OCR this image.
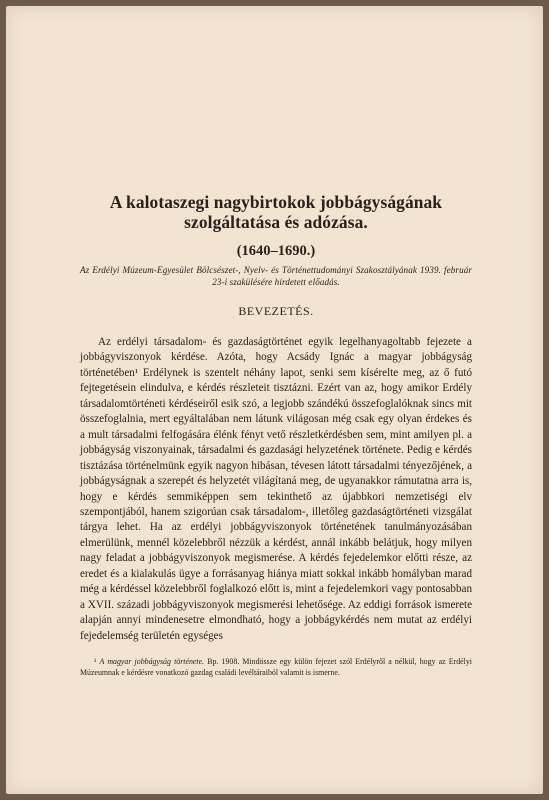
A kalotaszegi nagybirtokok jobbágyságának szolgáltatása és adózása.
(1640–1690.)
Az Erdélyi Múzeum-Egyesület Bölcsészet-, Nyelv- és Történettudományi Szakosztályának 1939. február 23-i szakülésére hirdetett előadás.
BEVEZETÉS.

Az erdélyi társadalom- és gazdaságtörténet egyik legelhanyagoltabb fejezete a jobbágyviszonyok kérdése. Azóta, hogy Acsády Ignác a magyar jobbágyság történetében¹ Erdélynek is szentelt néhány lapot, senki sem kísérelte meg, az ő futó fejtegetésein elindulva, e kérdés részleteit tisztázni. Ezért van az, hogy amikor Erdély társadalomtörténeti kérdéseiről esik szó, a legjobb szándékú összefoglalóknak sincs mit összefoglalnia, mert egyáltalában nem látunk világosan még csak egy olyan érdekes és a mult társadalmi felfogására élénk fényt vető részletkérdésben sem, mint amilyen pl. a jobbágyság viszonyainak, társadalmi és gazdasági helyzetének története. Pedig e kérdés tisztázása történelmünk egyik nagyon hibásan, tévesen látott társadalmi tényezőjének, a jobbágyságnak a szerepét és helyzetét világítaná meg, de ugyanakkor rámutatna arra is, hogy e kérdés semmiképpen sem tekinthető az újabbkori nemzetiségi elv szempontjából, hanem szigorúan csak társadalom-, illetőleg gazdaságtörténeti vizsgálat tárgya lehet. Ha az erdélyi jobbágyviszonyok történetének tanulmányozásában elmerülünk, mennél közelebbről nézzük a kérdést, annál inkább belátjuk, hogy milyen nagy feladat a jobbágyviszonyok megismerése. A kérdés fejedelemkor előtti része, az eredet és a kialakulás ügye a forrásanyag hiánya miatt sokkal inkább homályban marad még a kérdéssel közelebbről foglalkozó előtt is, mint a fejedelemkori vagy pontosabban a XVII. századi jobbágyviszonyok megismerési lehetősége. Az eddigi források ismerete alapján annyi mindenesetre elmondható, hogy a jobbágykérdés nem mutat az erdélyi fejedelemség területén egységes

¹ A magyar jobbágyság története. Bp. 1908. Mindössze egy külön fejezet szól Erdélyről a nélkül, hogy az Erdélyi Múzeumnak e kérdésre vonatkozó gazdag családi levéltáraiból valamit is ismerne.
